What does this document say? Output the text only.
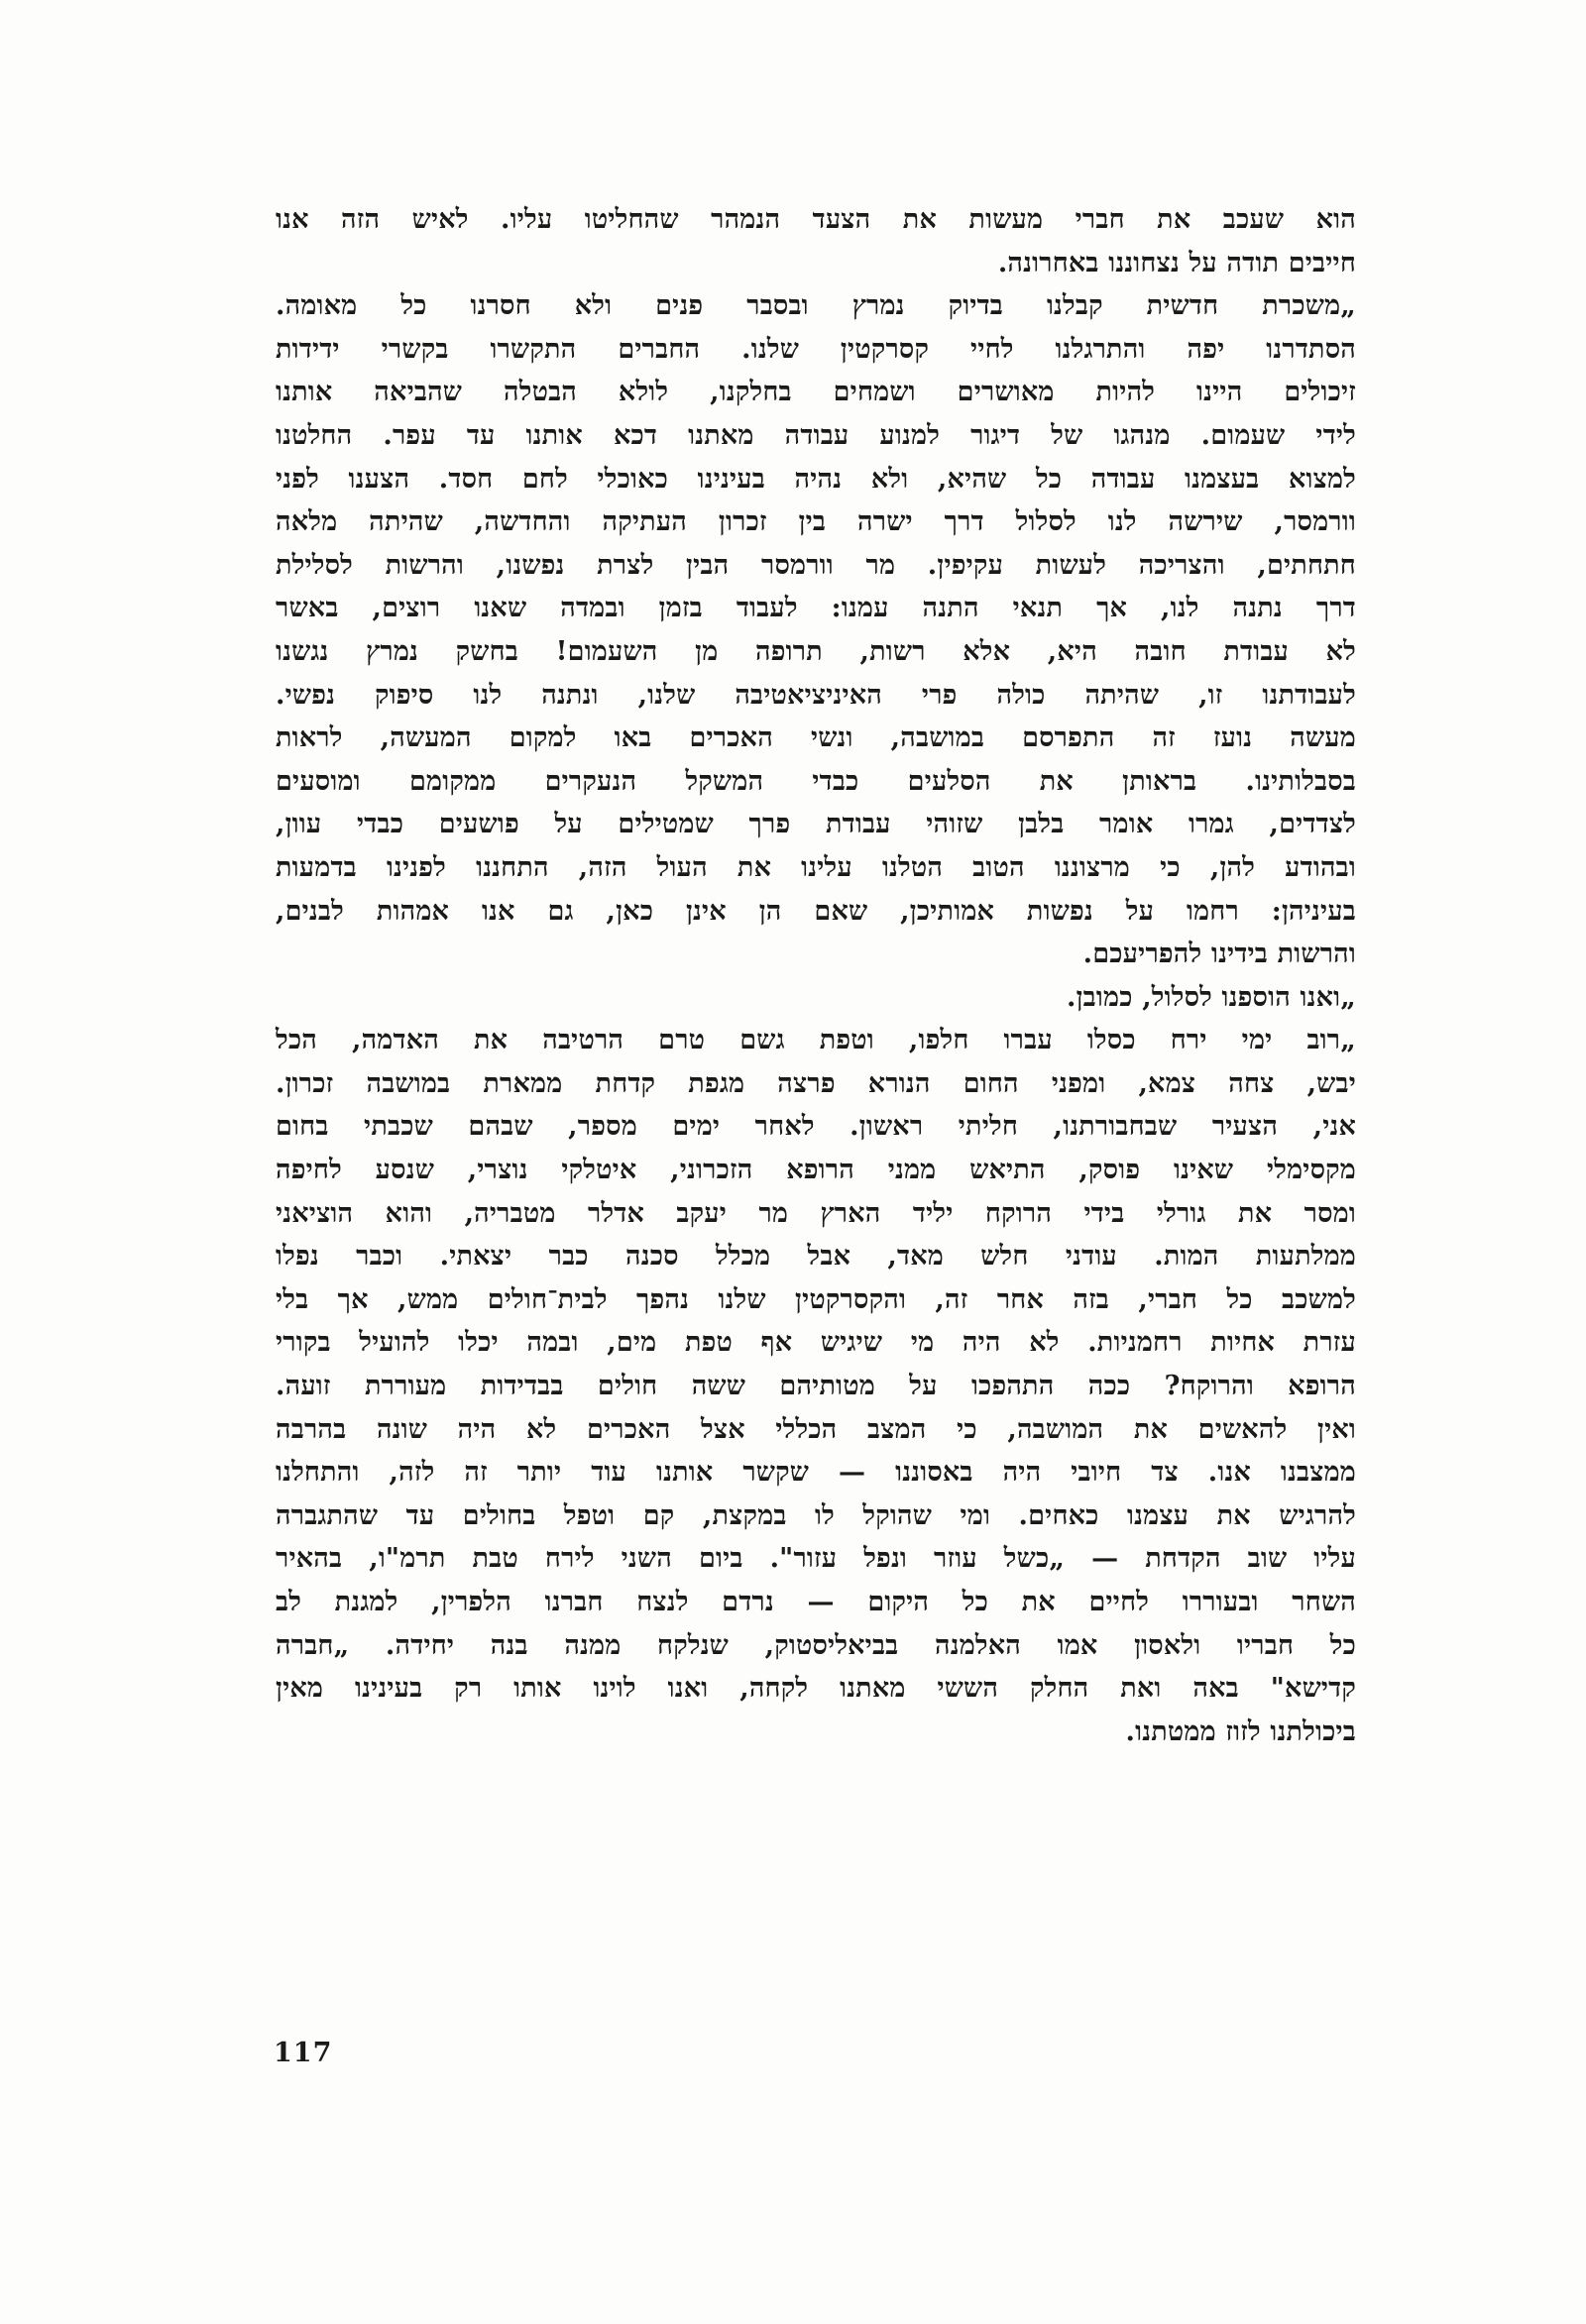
הוא שעכב את חברי מעשות את הצעד הנמהר שהחליטו עליו. לאיש הזה אנו
חייבים תודה על נצחוננו באחרונה.
„משכרת חדשית קבלנו בדיוק נמרץ ובסבר פנים ולא חסרנו כל מאומה.
הסתדרנו יפה והתרגלנו לחיי קסרקטין שלנו. החברים התקשרו בקשרי ידידות
זיכולים היינו להיות מאושרים ושמחים בחלקנו, לולא הבטלה שהביאה אותנו
לידי שעמום. מנהגו של דיגור למנוע עבודה מאתנו דכא אותנו עד עפר. החלטנו
למצוא בעצמנו עבודה כל שהיא, ולא נהיה בעינינו כאוכלי לחם חסד. הצענו לפני
וורמסר, שירשה לנו לסלול דרך ישרה בין זכרון העתיקה והחדשה, שהיתה מלאה
חתחתים, והצריכה לעשות עקיפין. מר וורמסר הבין לצרת נפשנו, והרשות לסלילת
דרך נתנה לנו, אך תנאי התנה עמנו: לעבוד בזמן ובמדה שאנו רוצים, באשר
לא עבודת חובה היא, אלא רשות, תרופה מן השעמום! בחשק נמרץ נגשנו
לעבודתנו זו, שהיתה כולה פרי האיניציאטיבה שלנו, ונתנה לנו סיפוק נפשי.
מעשה נועז זה התפרסם במושבה, ונשי האכרים באו למקום המעשה, לראות
בסבלותינו. בראותן את הסלעים כבדי המשקל הנעקרים ממקומם ומוסעים
לצדדים, גמרו אומר בלבן שזוהי עבודת פרך שמטילים על פושעים כבדי עוון,
ובהודע להן, כי מרצוננו הטוב הטלנו עלינו את העול הזה, התחננו לפנינו בדמעות
בעיניהן: רחמו על נפשות אמותיכן, שאם הן אינן כאן, גם אנו אמהות לבנים,
והרשות בידינו להפריעכם.
„ואנו הוספנו לסלול, כמובן.
„רוב ימי ירח כסלו עברו חלפו, וטפת גשם טרם הרטיבה את האדמה, הכל
יבש, צחה צמא, ומפני החום הנורא פרצה מגפת קדחת ממארת במושבה זכרון.
אני, הצעיר שבחבורתנו, חליתי ראשון. לאחר ימים מספר, שבהם שכבתי בחום
מקסימלי שאינו פוסק, התיאש ממני הרופא הזכרוני, איטלקי נוצרי, שנסע לחיפה
ומסר את גורלי בידי הרוקח יליד הארץ מר יעקב אדלר מטבריה, והוא הוציאני
ממלתעות המות. עודני חלש מאד, אבל מכלל סכנה כבר יצאתי. וכבר נפלו
למשכב כל חברי, בזה אחר זה, והקסרקטין שלנו נהפך לבית־חולים ממש, אך בלי
עזרת אחיות רחמניות. לא היה מי שיגיש אף טפת מים, ובמה יכלו להועיל בקורי
הרופא והרוקח? ככה התהפכו על מטותיהם ששה חולים בבדידות מעוררת זועה.
ואין להאשים את המושבה, כי המצב הכללי אצל האכרים לא היה שונה בהרבה
ממצבנו אנו. צד חיובי היה באסוננו — שקשר אותנו עוד יותר זה לזה, והתחלנו
להרגיש את עצמנו כאחים. ומי שהוקל לו במקצת, קם וטפל בחולים עד שהתגברה
עליו שוב הקדחת — „כשל עוזר ונפל עזור". ביום השני לירח טבת תרמ"ו, בהאיר
השחר ובעוררו לחיים את כל היקום — נרדם לנצח חברנו הלפרין, למגנת לב
כל חבריו ולאסון אמו האלמנה בביאליסטוק, שנלקח ממנה בנה יחידה. „חברה
קדישא" באה ואת החלק הששי מאתנו לקחה, ואנו לוינו אותו רק בעינינו מאין
ביכולתנו לזוז ממטתנו.
117
